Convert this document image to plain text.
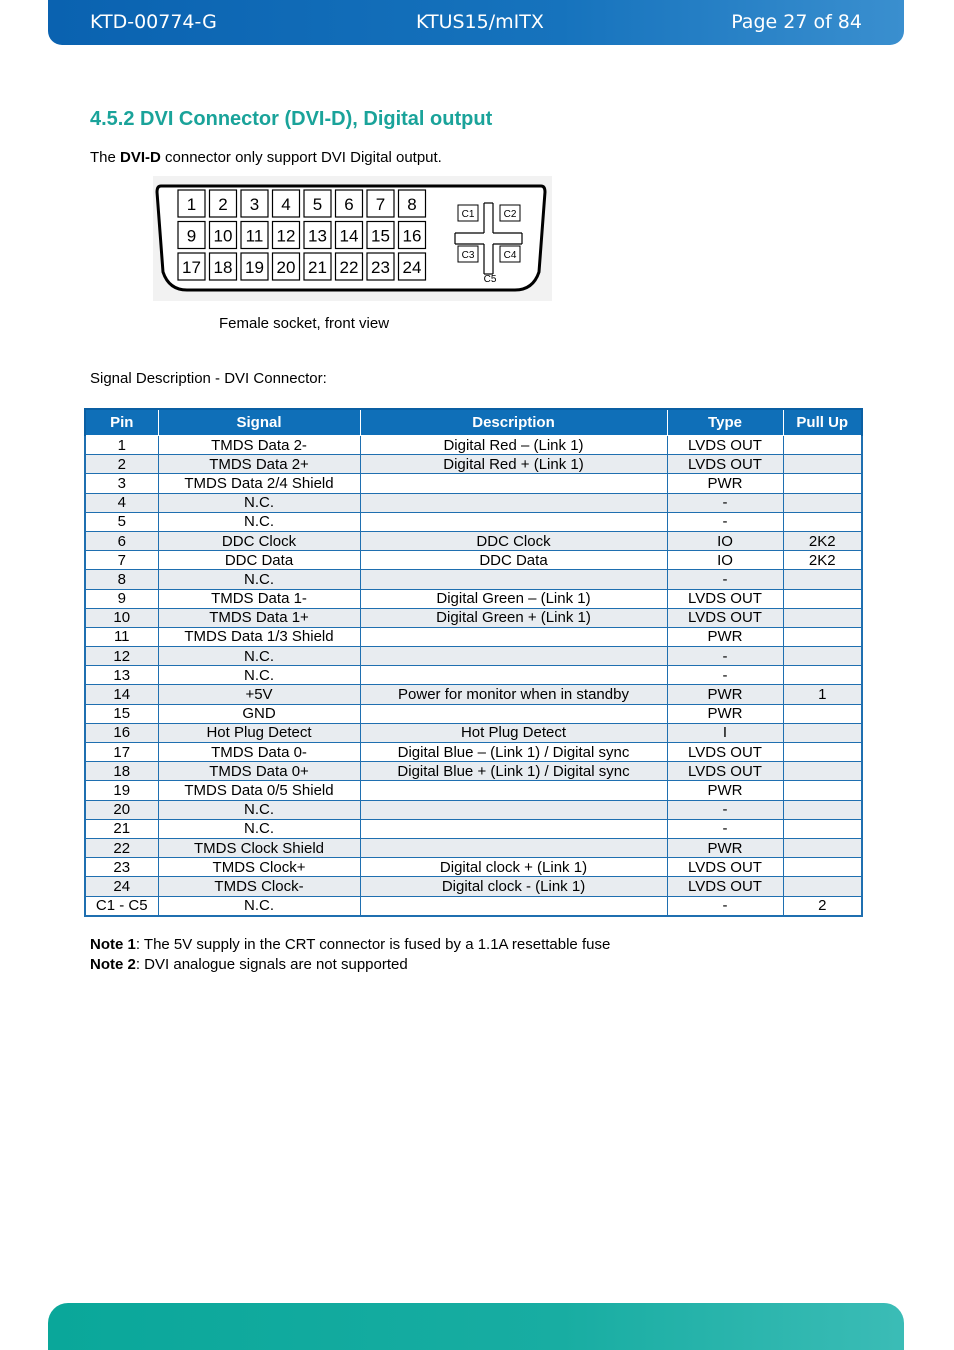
KTD-00774-G	KTUS15/mITX	Page 27 of 84
4.5.2 DVI Connector (DVI-D), Digital output
The DVI-D connector only support DVI Digital output.
1 2 3 4 5 6 7 8
9 10 11 12 13 14 15 16
17 18 19 20 21 22 23 24
C1	C2
C3	C4
C5
Female socket, front view
Signal Description - DVI Connector:
Pin	Signal	Description	Type	Pull Up
1	TMDS Data 2-	Digital Red – (Link 1)	LVDS OUT	
2	TMDS Data 2+	Digital Red + (Link 1)	LVDS OUT	
3	TMDS Data 2/4 Shield		PWR	
4	N.C.		-	
5	N.C.		-	
6	DDC Clock	DDC Clock	IO	2K2
7	DDC Data	DDC Data	IO	2K2
8	N.C.		-	
9	TMDS Data 1-	Digital Green – (Link 1)	LVDS OUT	
10	TMDS Data 1+	Digital Green + (Link 1)	LVDS OUT	
11	TMDS Data 1/3 Shield		PWR	
12	N.C.		-	
13	N.C.		-	
14	+5V	Power for monitor when in standby	PWR	1
15	GND		PWR	
16	Hot Plug Detect	Hot Plug Detect	I	
17	TMDS Data 0-	Digital Blue – (Link 1) / Digital sync	LVDS OUT	
18	TMDS Data 0+	Digital Blue + (Link 1) / Digital sync	LVDS OUT	
19	TMDS Data 0/5 Shield		PWR	
20	N.C.		-	
21	N.C.		-	
22	TMDS Clock Shield		PWR	
23	TMDS Clock+	Digital clock + (Link 1)	LVDS OUT	
24	TMDS Clock-	Digital clock - (Link 1)	LVDS OUT	
C1 - C5	N.C.		-	2
Note 1: The 5V supply in the CRT connector is fused by a 1.1A resettable fuse
Note 2: DVI analogue signals are not supported
